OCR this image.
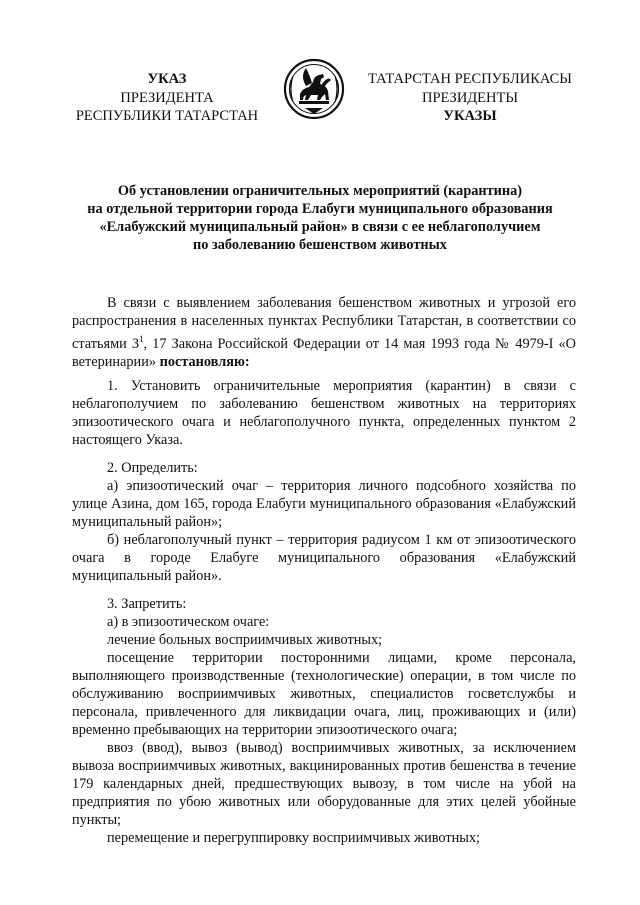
УКАЗ
ПРЕЗИДЕНТА
РЕСПУБЛИКИ ТАТАРСТАН
ТАТАРСТАН РЕСПУБЛИКАСЫ
ПРЕЗИДЕНТЫ
УКАЗЫ
Об установлении ограничительных мероприятий (карантина)
на отдельной территории города Елабуги муниципального образования
«Елабужский муниципальный район» в связи с ее неблагополучием
по заболеванию бешенством животных

В связи с выявлением заболевания бешенством животных и угрозой его распространения в населенных пунктах Республики Татарстан, в соответствии со статьями $3^1$, 17 Закона Российской Федерации от 14 мая 1993 года № 4979-I «О ветеринарии» постановляю:

1. Установить ограничительные мероприятия (карантин) в связи с неблагополучием по заболеванию бешенством животных на территориях эпизоотического очага и неблагополучного пункта, определенных пунктом 2 настоящего Указа.

2. Определить:

а) эпизоотический очаг – территория личного подсобного хозяйства по улице Азина, дом 165, города Елабуги муниципального образования «Елабужский муниципальный район»;

б) неблагополучный пункт – территория радиусом 1 км от эпизоотического очага в городе Елабуге муниципального образования «Елабужский муниципальный район».

3. Запретить:

а) в эпизоотическом очаге:

лечение больных восприимчивых животных;

посещение территории посторонними лицами, кроме персонала, выполняющего производственные (технологические) операции, в том числе по обслуживанию восприимчивых животных, специалистов госветслужбы и персонала, привлеченного для ликвидации очага, лиц, проживающих и (или) временно пребывающих на территории эпизоотического очага;

ввоз (ввод), вывоз (вывод) восприимчивых животных, за исключением вывоза восприимчивых животных, вакцинированных против бешенства в течение 179 календарных дней, предшествующих вывозу, в том числе на убой на предприятия по убою животных или оборудованные для этих целей убойные пункты;

перемещение и перегруппировку восприимчивых животных;
